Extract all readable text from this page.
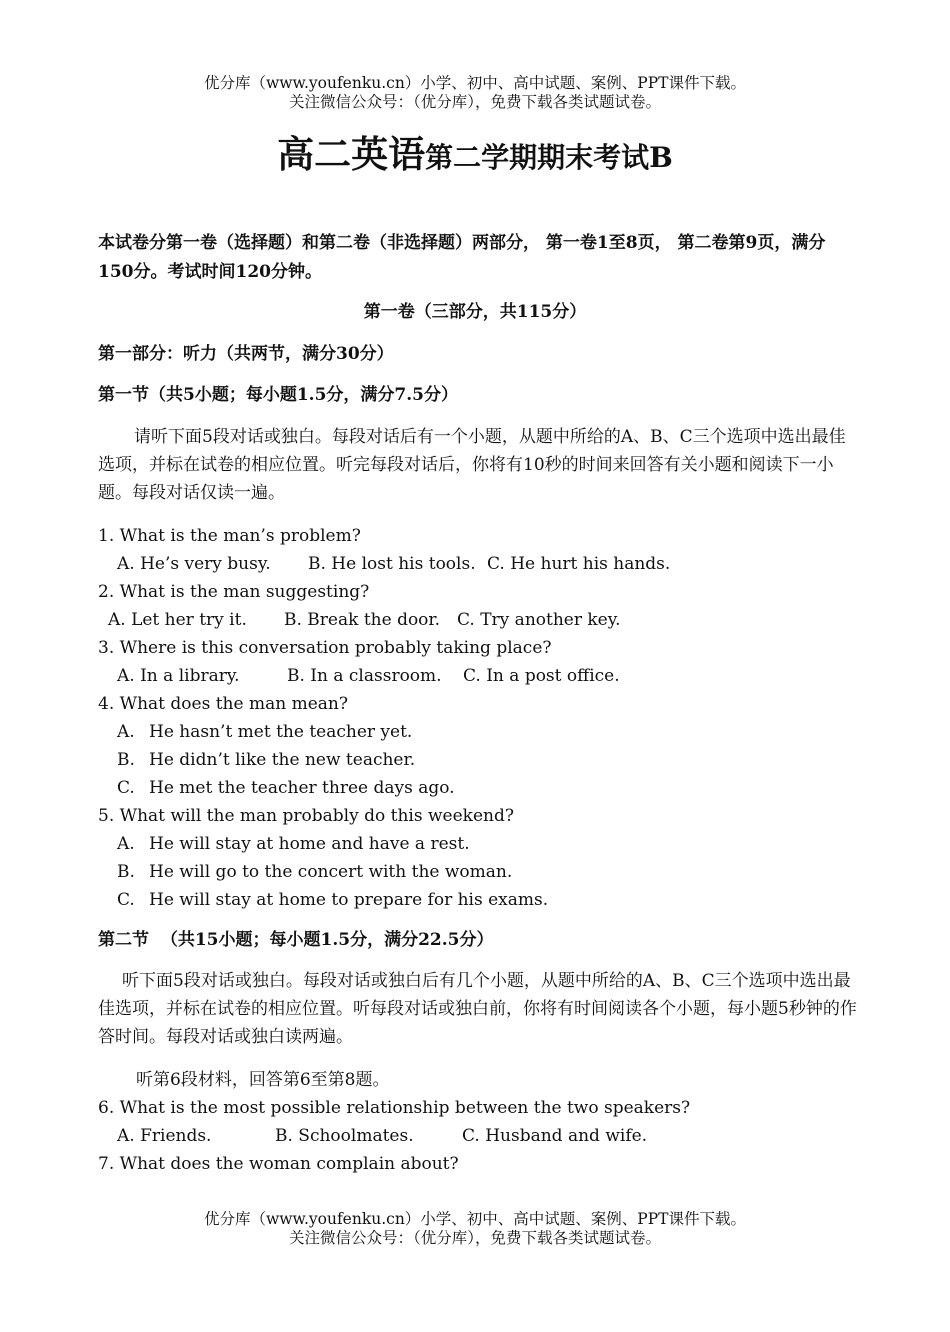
优分库（www.youfenku.cn）小学、初中、高中试题、案例、PPT课件下载。
关注微信公众号：（优分库），免费下载各类试题试卷。
高二英语第二学期期末考试B
本试卷分第一卷（选择题）和第二卷（非选择题）两部分， 第一卷1至8页， 第二卷第9页，满分150分。考试时间120分钟。
第一卷（三部分，共115分）
第一部分：听力（共两节，满分30分）
第一节（共5小题；每小题1.5分，满分7.5分）
请听下面5段对话或独白。每段对话后有一个小题，从题中所给的A、B、C三个选项中选出最佳选项，并标在试卷的相应位置。听完每段对话后，你将有10秒的时间来回答有关小题和阅读下一小题。每段对话仅读一遍。
1. What is the man’s problem?
A. He’s very busy. B. He lost his tools. C. He hurt his hands.
2. What is the man suggesting?
A. Let her try it. B. Break the door. C. Try another key.
3. Where is this conversation probably taking place?
A. In a library.	B. In a classroom. C. In a post office.
4. What does the man mean?
A. He hasn’t met the teacher yet.
B. He didn’t like the new teacher.
C. He met the teacher three days ago.
5. What will the man probably do this weekend?
A. He will stay at home and have a rest.
B. He will go to the concert with the woman.
C. He will stay at home to prepare for his exams.
第二节  （共15小题；每小题1.5分，满分22.5分）
听下面5段对话或独白。每段对话或独白后有几个小题，从题中所给的A、B、C三个选项中选出最佳选项，并标在试卷的相应位置。听每段对话或独白前，你将有时间阅读各个小题，每小题5秒钟的作答时间。每段对话或独白读两遍。
听第6段材料，回答第6至第8题。
6. What is the most possible relationship between the two speakers?
A. Friends.	B. Schoolmates.	C. Husband and wife.
7. What does the woman complain about?
优分库（www.youfenku.cn）小学、初中、高中试题、案例、PPT课件下载。
关注微信公众号：（优分库），免费下载各类试题试卷。
